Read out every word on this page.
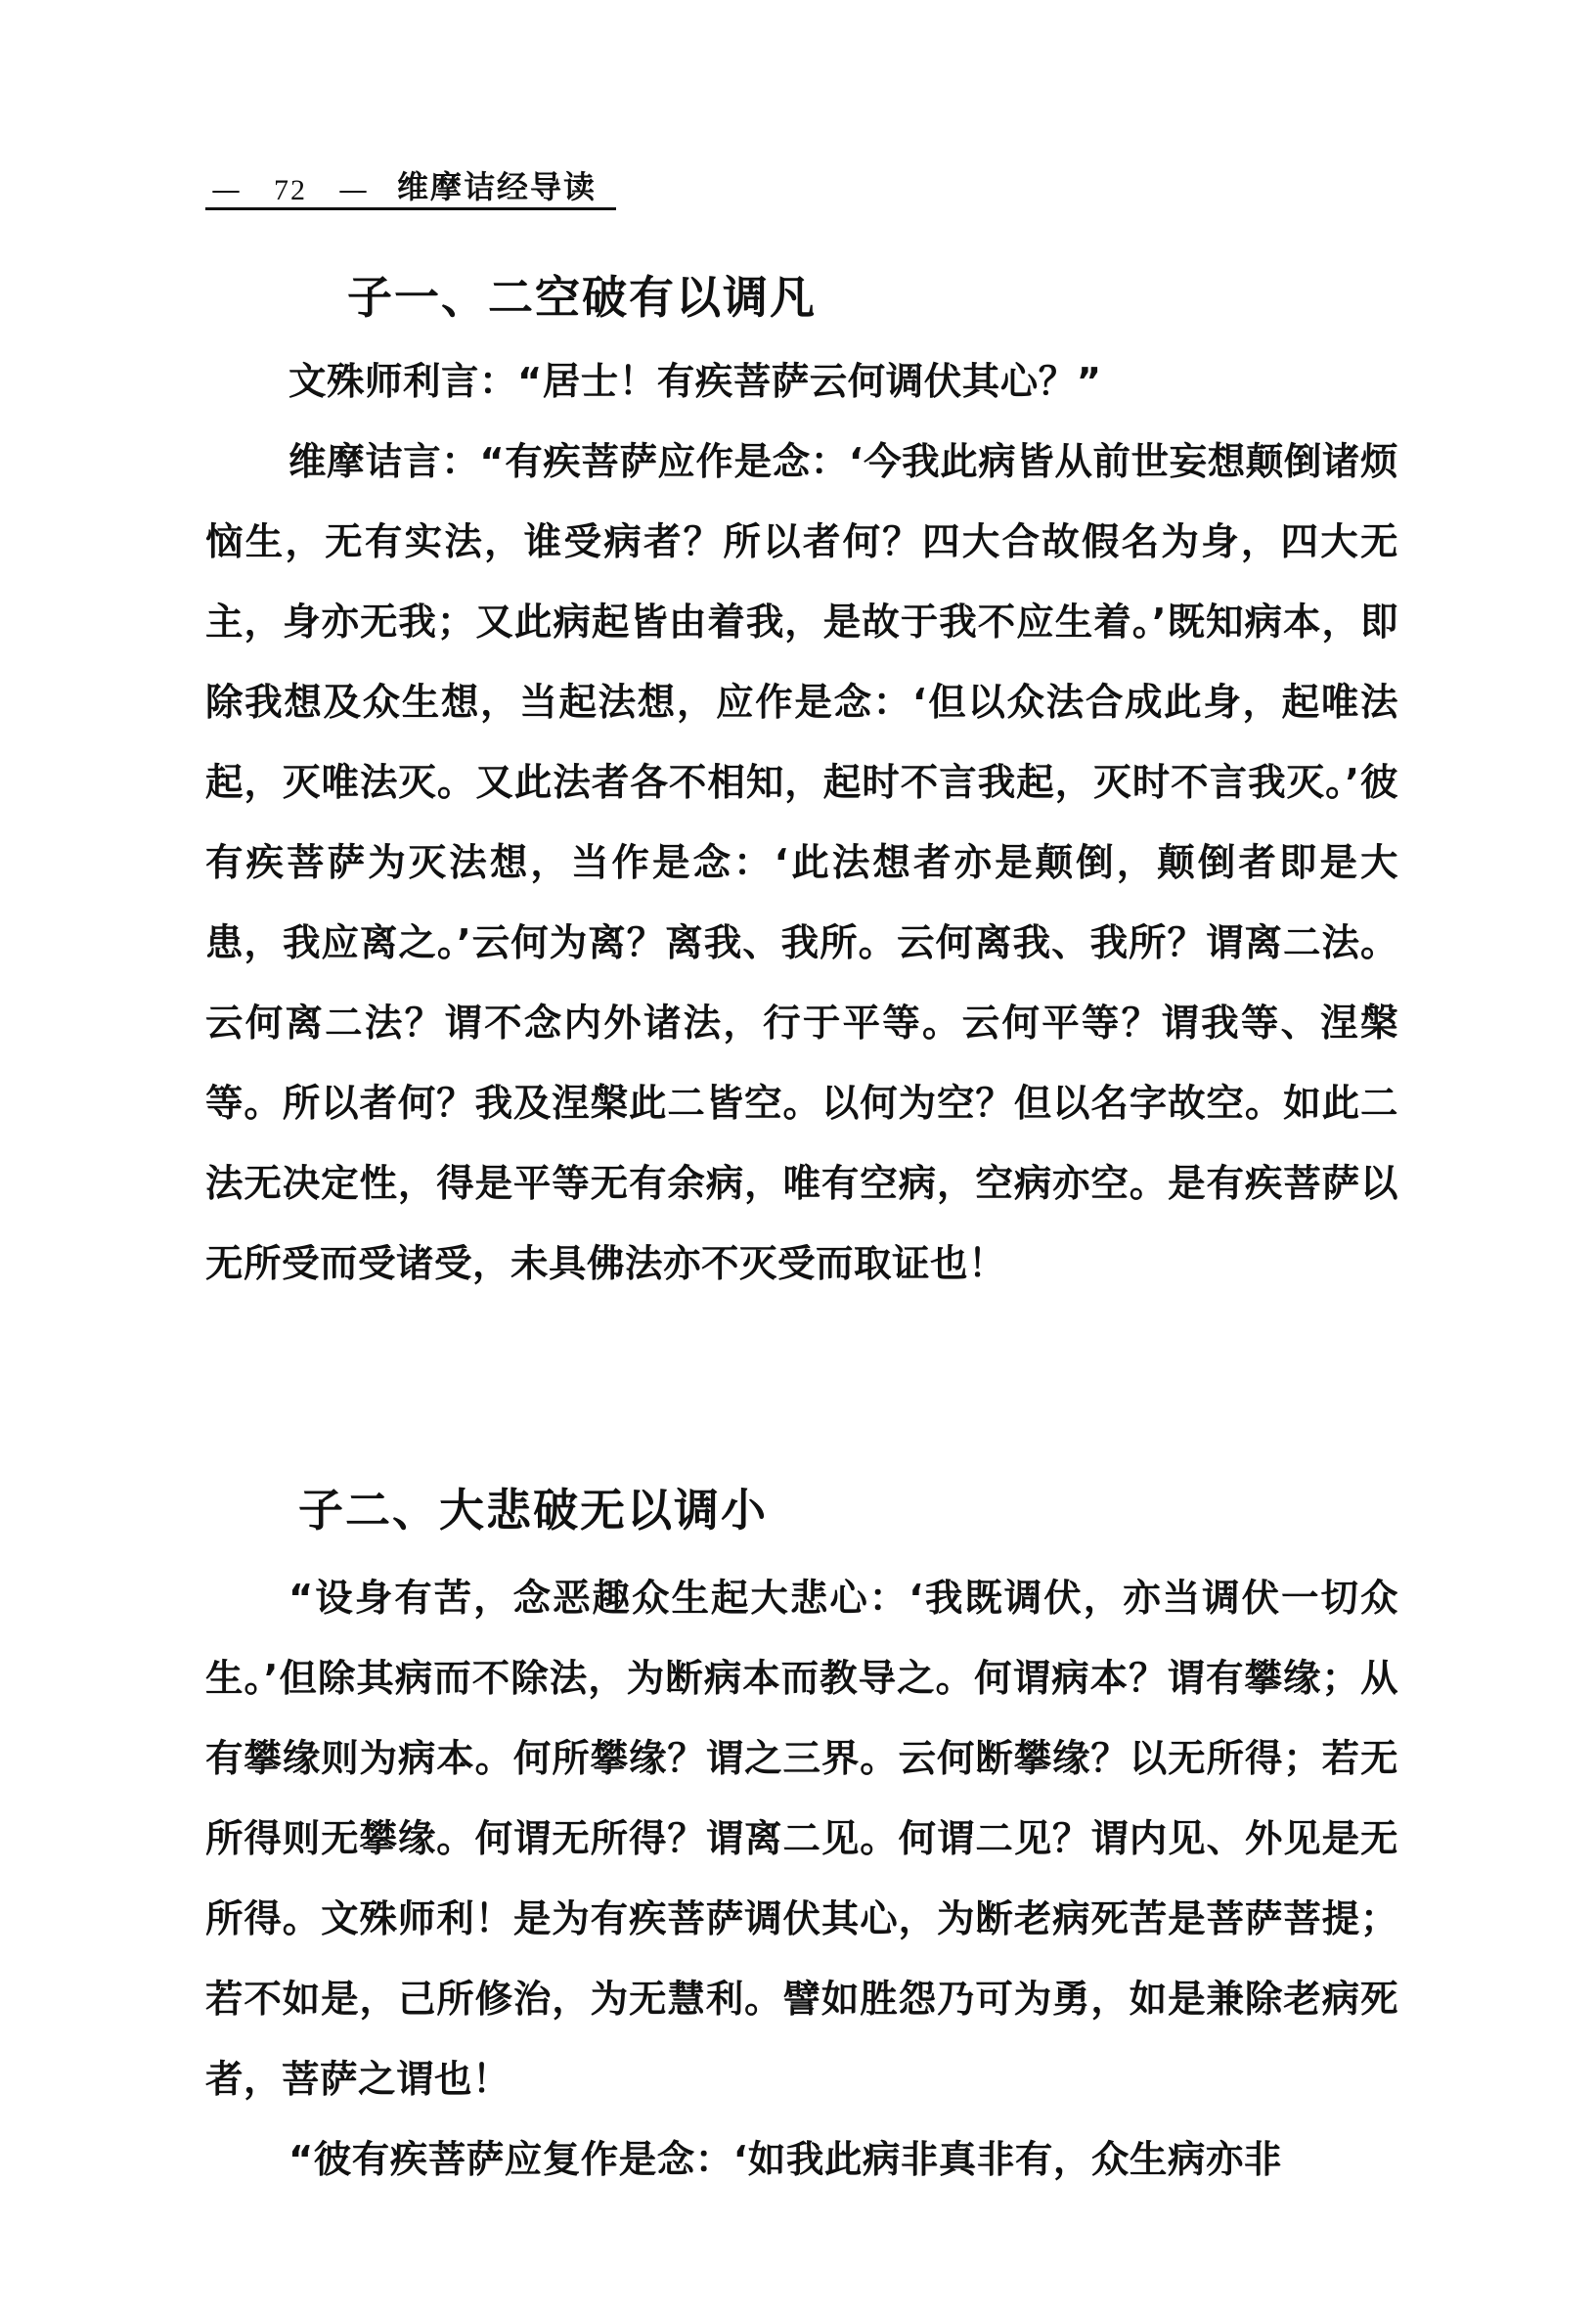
—	72	— 维摩诘经导读
子一、二空破有以调凡

文殊师利言：“居士！有疾菩萨云何调伏其心？”

维摩诘言：“有疾菩萨应作是念：‘今我此病皆从前世妄想颠倒诸烦恼生，无有实法，谁受病者？所以者何？四大合故假名为身，四大无主，身亦无我；又此病起皆由着我，是故于我不应生着。’既知病本，即除我想及众生想，当起法想，应作是念：‘但以众法合成此身，起唯法起，灭唯法灭。又此法者各不相知，起时不言我起，灭时不言我灭。’彼有疾菩萨为灭法想，当作是念：‘此法想者亦是颠倒，颠倒者即是大患，我应离之。’云何为离？离我、我所。云何离我、我所？谓离二法。云何离二法？谓不念内外诸法，行于平等。云何平等？谓我等、涅槃等。所以者何？我及涅槃此二皆空。以何为空？但以名字故空。如此二法无决定性，得是平等无有余病，唯有空病，空病亦空。是有疾菩萨以无所受而受诸受，未具佛法亦不灭受而取证也！

子二、大悲破无以调小

“设身有苦，念恶趣众生起大悲心：‘我既调伏，亦当调伏一切众生。’但除其病而不除法，为断病本而教导之。何谓病本？谓有攀缘；从有攀缘则为病本。何所攀缘？谓之三界。云何断攀缘？以无所得；若无所得则无攀缘。何谓无所得？谓离二见。何谓二见？谓内见、外见是无所得。文殊师利！是为有疾菩萨调伏其心，为断老病死苦是菩萨菩提；若不如是，己所修治，为无慧利。譬如胜怨乃可为勇，如是兼除老病死者，菩萨之谓也！

“彼有疾菩萨应复作是念：‘如我此病非真非有，众生病亦非
